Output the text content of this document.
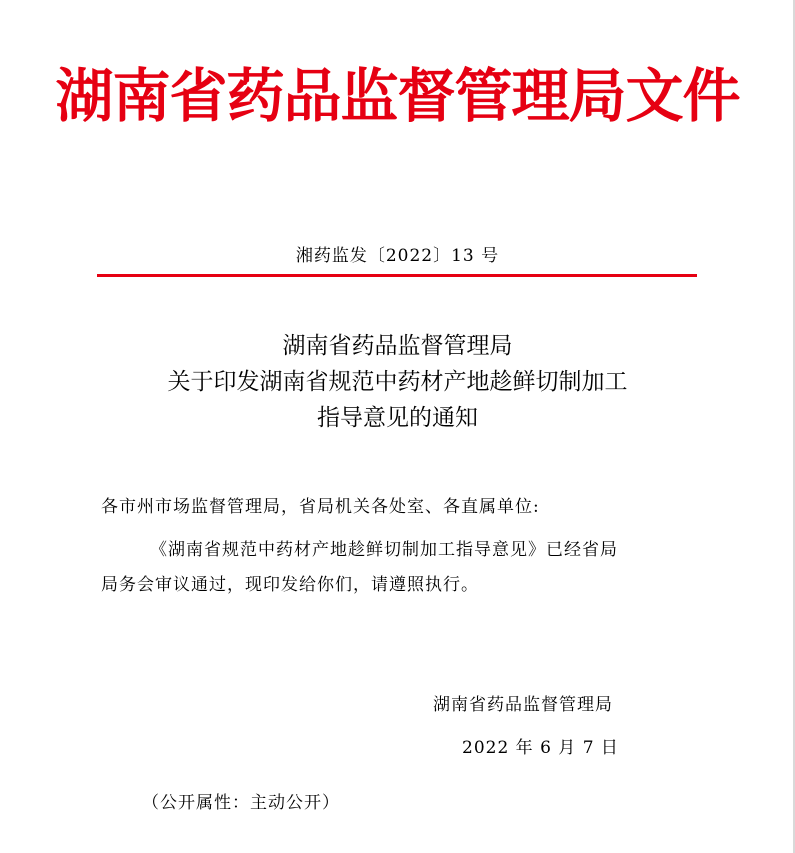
湖南省药品监督管理局文件
湘药监发〔2022〕13 号
湖南省药品监督管理局
关于印发湖南省规范中药材产地趁鲜切制加工
指导意见的通知
各市州市场监督管理局，省局机关各处室、各直属单位:
《湖南省规范中药材产地趁鲜切制加工指导意见》已经省局
局务会审议通过，现印发给你们，请遵照执行。
湖南省药品监督管理局
2022 年 6 月 7 日
（公开属性：主动公开）
